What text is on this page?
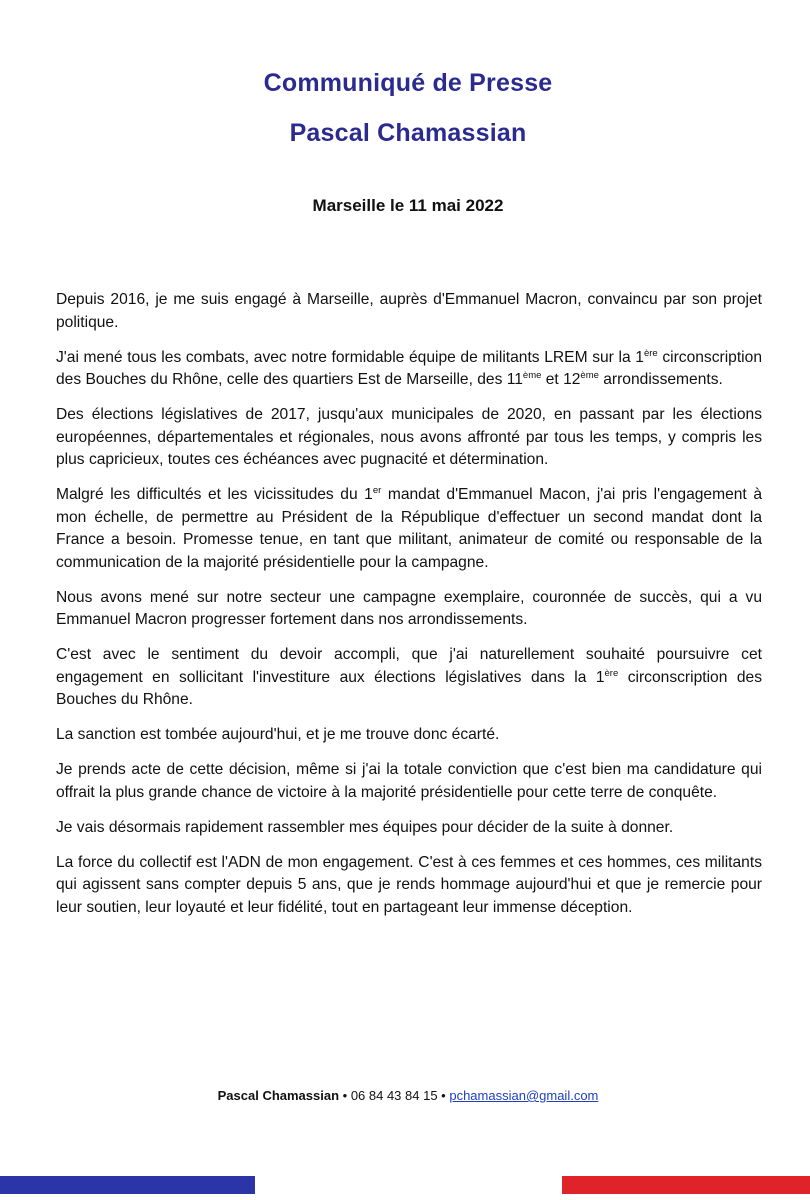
Communiqué de Presse
Pascal Chamassian
Marseille le 11 mai 2022

Depuis 2016, je me suis engagé à Marseille, auprès d'Emmanuel Macron, convaincu par son projet politique.

J'ai mené tous les combats, avec notre formidable équipe de militants LREM sur la 1ère circonscription des Bouches du Rhône, celle des quartiers Est de Marseille, des 11ème et 12ème arrondissements.

Des élections législatives de 2017, jusqu'aux municipales de 2020, en passant par les élections européennes, départementales et régionales, nous avons affronté par tous les temps, y compris les plus capricieux, toutes ces échéances avec pugnacité et détermination.

Malgré les difficultés et les vicissitudes du 1er mandat d'Emmanuel Macon, j'ai pris l'engagement à mon échelle, de permettre au Président de la République d'effectuer un second mandat dont la France a besoin. Promesse tenue, en tant que militant, animateur de comité ou responsable de la communication de la majorité présidentielle pour la campagne.

Nous avons mené sur notre secteur une campagne exemplaire, couronnée de succès, qui a vu Emmanuel Macron progresser fortement dans nos arrondissements.

C'est avec le sentiment du devoir accompli, que j'ai naturellement souhaité poursuivre cet engagement en sollicitant l'investiture aux élections législatives dans la 1ère circonscription des Bouches du Rhône.

La sanction est tombée aujourd'hui, et je me trouve donc écarté.

Je prends acte de cette décision, même si j'ai la totale conviction que c'est bien ma candidature qui offrait la plus grande chance de victoire à la majorité présidentielle pour cette terre de conquête.

Je vais désormais rapidement rassembler mes équipes pour décider de la suite à donner.

La force du collectif est l'ADN de mon engagement. C'est à ces femmes et ces hommes, ces militants qui agissent sans compter depuis 5 ans, que je rends hommage aujourd'hui et que je remercie pour leur soutien, leur loyauté et leur fidélité, tout en partageant leur immense déception.

Pascal Chamassian • 06 84 43 84 15 • pchamassian@gmail.com
